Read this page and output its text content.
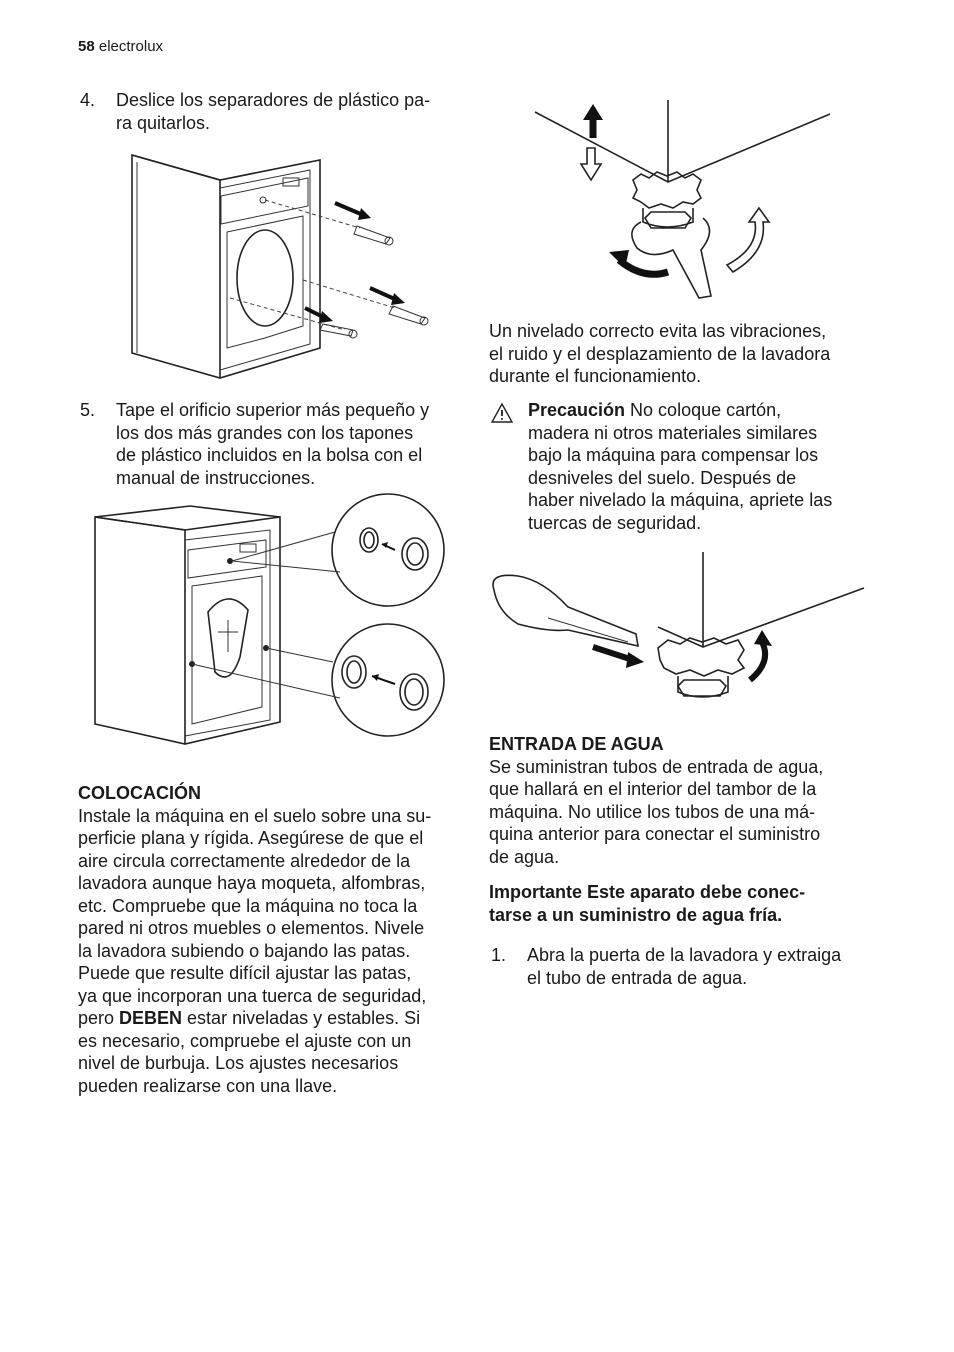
58 electrolux
4. Deslice los separadores de plástico pa-
ra quitarlos.
5. Tape el orificio superior más pequeño y
los dos más grandes con los tapones
de plástico incluidos en la bolsa con el
manual de instrucciones.
COLOCACIÓN
Instale la máquina en el suelo sobre una su-
perficie plana y rígida. Asegúrese de que el
aire circula correctamente alrededor de la
lavadora aunque haya moqueta, alfombras,
etc. Compruebe que la máquina no toca la
pared ni otros muebles o elementos. Nivele
la lavadora subiendo o bajando las patas.
Puede que resulte difícil ajustar las patas,
ya que incorporan una tuerca de seguridad,
pero DEBEN estar niveladas y estables. Si
es necesario, compruebe el ajuste con un
nivel de burbuja. Los ajustes necesarios
pueden realizarse con una llave.
Un nivelado correcto evita las vibraciones,
el ruido y el desplazamiento de la lavadora
durante el funcionamiento.
Precaución No coloque cartón,
madera ni otros materiales similares
bajo la máquina para compensar los
desniveles del suelo. Después de
haber nivelado la máquina, apriete las
tuercas de seguridad.
ENTRADA DE AGUA
Se suministran tubos de entrada de agua,
que hallará en el interior del tambor de la
máquina. No utilice los tubos de una má-
quina anterior para conectar el suministro
de agua.
Importante Este aparato debe conec-
tarse a un suministro de agua fría.
1. Abra la puerta de la lavadora y extraiga
el tubo de entrada de agua.
